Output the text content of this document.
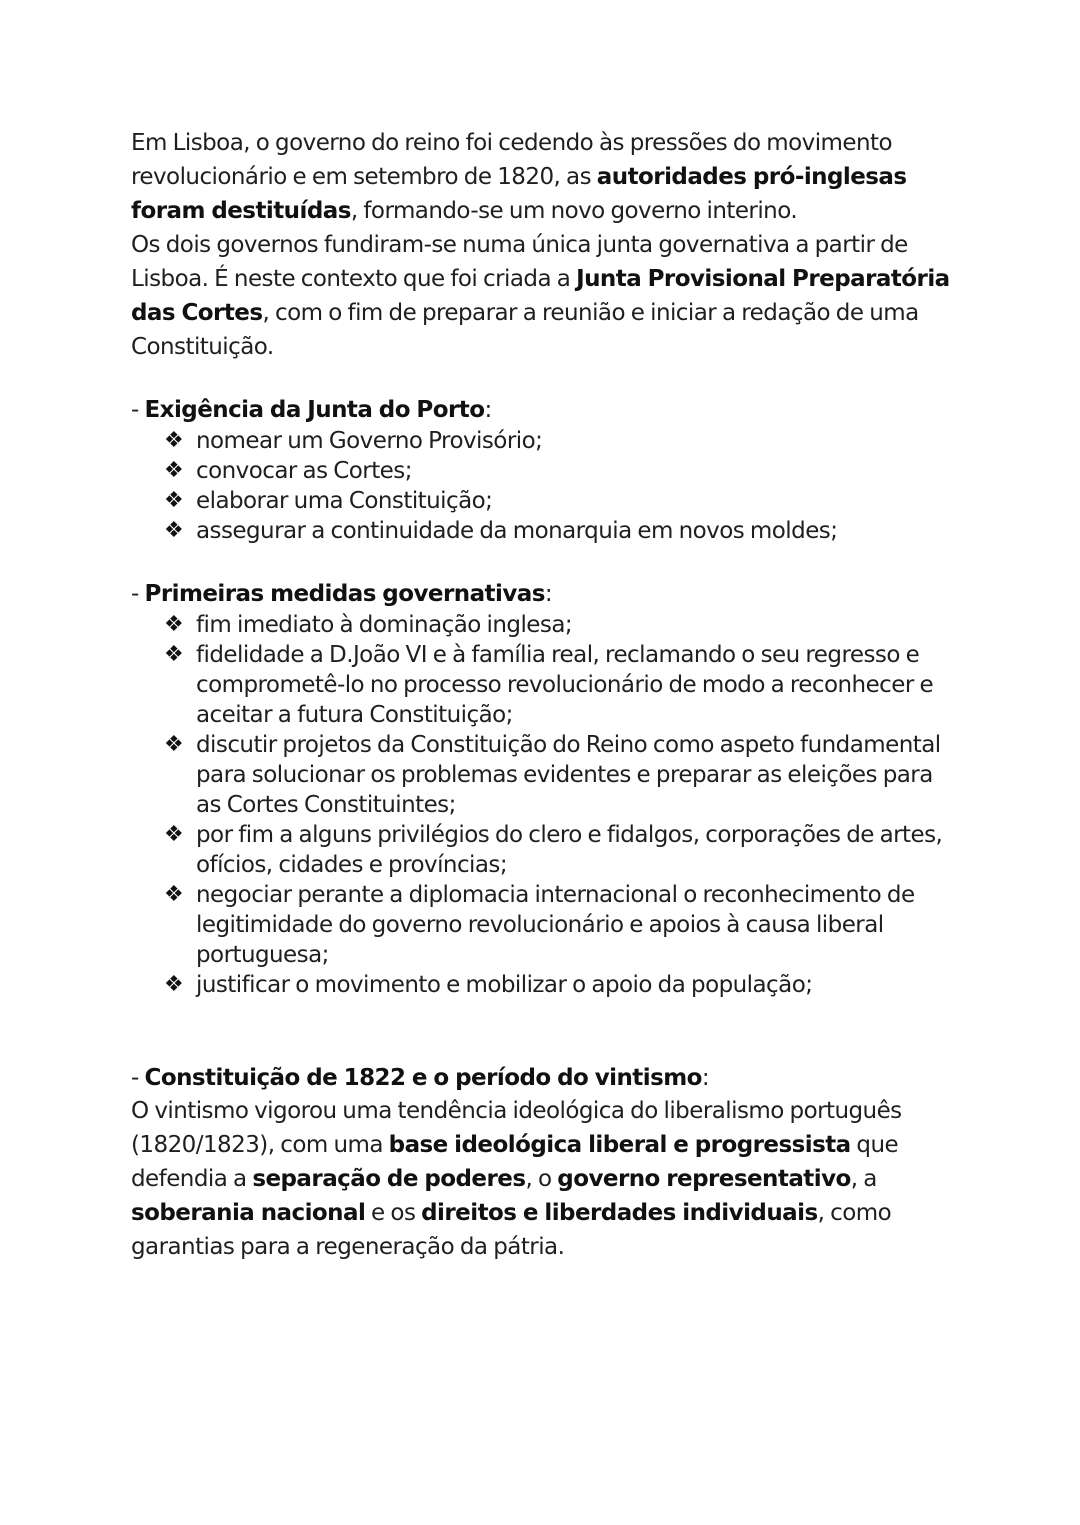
Em Lisboa, o governo do reino foi cedendo às pressões do movimento revolucionário e em setembro de 1820, as autoridades pró-inglesas foram destituídas, formando-se um novo governo interino.

Os dois governos fundiram-se numa única junta governativa a partir de Lisboa. É neste contexto que foi criada a Junta Provisional Preparatória das Cortes, com o fim de preparar a reunião e iniciar a redação de uma Constituição.

- Exigência da Junta do Porto:

❖ nomear um Governo Provisório;
❖ convocar as Cortes;
❖ elaborar uma Constituição;
❖ assegurar a continuidade da monarquia em novos moldes;

- Primeiras medidas governativas:

❖ fim imediato à dominação inglesa;
❖ fidelidade a D.João VI e à família real, reclamando o seu regresso e comprometê-lo no processo revolucionário de modo a reconhecer e aceitar a futura Constituição;
❖ discutir projetos da Constituição do Reino como aspeto fundamental para solucionar os problemas evidentes e preparar as eleições para as Cortes Constituintes;
❖ por fim a alguns privilégios do clero e fidalgos, corporações de artes, ofícios, cidades e províncias;
❖ negociar perante a diplomacia internacional o reconhecimento de legitimidade do governo revolucionário e apoios à causa liberal portuguesa;
❖ justificar o movimento e mobilizar o apoio da população;

- Constituição de 1822 e o período do vintismo:

O vintismo vigorou uma tendência ideológica do liberalismo português (1820/1823), com uma base ideológica liberal e progressista que defendia a separação de poderes, o governo representativo, a soberania nacional e os direitos e liberdades individuais, como garantias para a regeneração da pátria.
